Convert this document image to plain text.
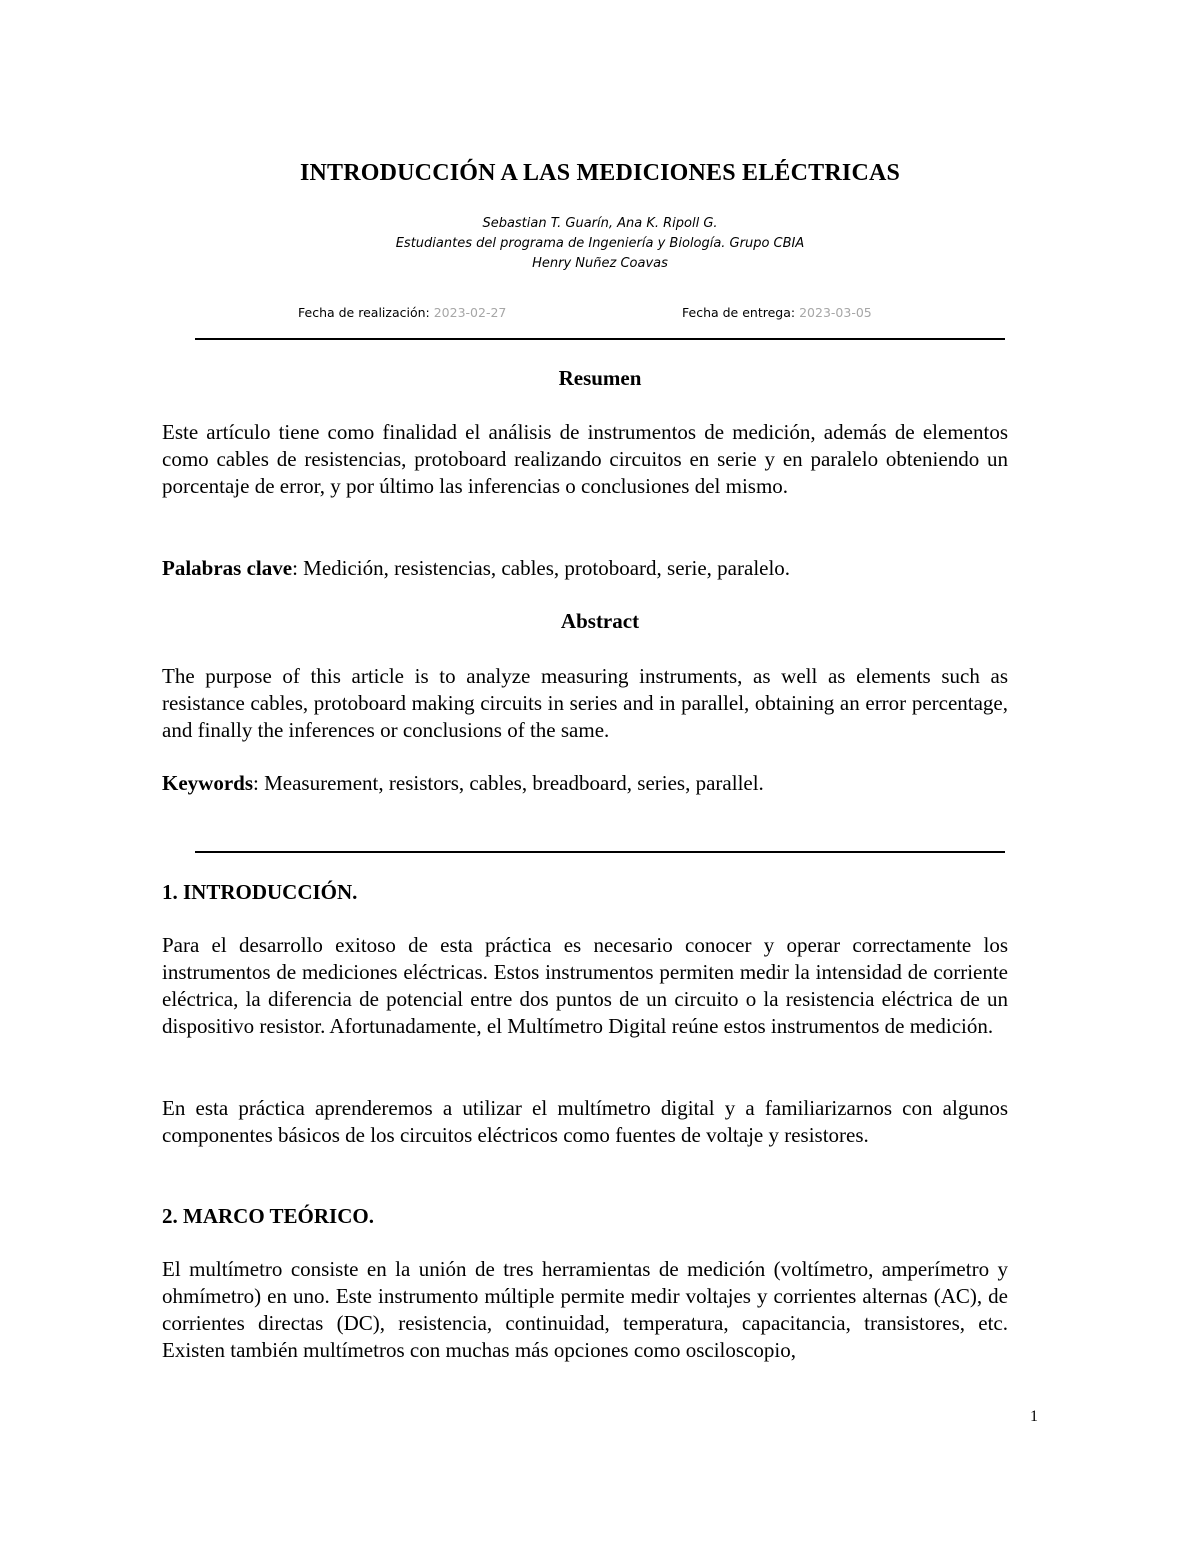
INTRODUCCIÓN A LAS MEDICIONES ELÉCTRICAS
Sebastian T. Guarín, Ana K. Ripoll G.
Estudiantes del programa de Ingeniería y Biología. Grupo CBIA
Henry Nuñez Coavas
Fecha de realización: 2023-02-27	Fecha de entrega: 2023-03-05
Resumen
Este artículo tiene como finalidad el análisis de instrumentos de medición, además de elementos como cables de resistencias, protoboard realizando circuitos en serie y en paralelo obteniendo un porcentaje de error, y por último las inferencias o conclusiones del mismo.
Palabras clave: Medición, resistencias, cables, protoboard, serie, paralelo.
Abstract
The purpose of this article is to analyze measuring instruments, as well as elements such as resistance cables, protoboard making circuits in series and in parallel, obtaining an error percentage, and finally the inferences or conclusions of the same.
Keywords: Measurement, resistors, cables, breadboard, series, parallel.
1. INTRODUCCIÓN.
Para el desarrollo exitoso de esta práctica es necesario conocer y operar correctamente los instrumentos de mediciones eléctricas. Estos instrumentos permiten medir la intensidad de corriente eléctrica, la diferencia de potencial entre dos puntos de un circuito o la resistencia eléctrica de un dispositivo resistor. Afortunadamente, el Multímetro Digital reúne estos instrumentos de medición.
En esta práctica aprenderemos a utilizar el multímetro digital y a familiarizarnos con algunos componentes básicos de los circuitos eléctricos como fuentes de voltaje y resistores.
2. MARCO TEÓRICO.
El multímetro consiste en la unión de tres herramientas de medición (voltímetro, amperímetro y ohmímetro) en uno. Este instrumento múltiple permite medir voltajes y corrientes alternas (AC), de corrientes directas (DC), resistencia, continuidad, temperatura, capacitancia, transistores, etc. Existen también multímetros con muchas más opciones como osciloscopio,
1
